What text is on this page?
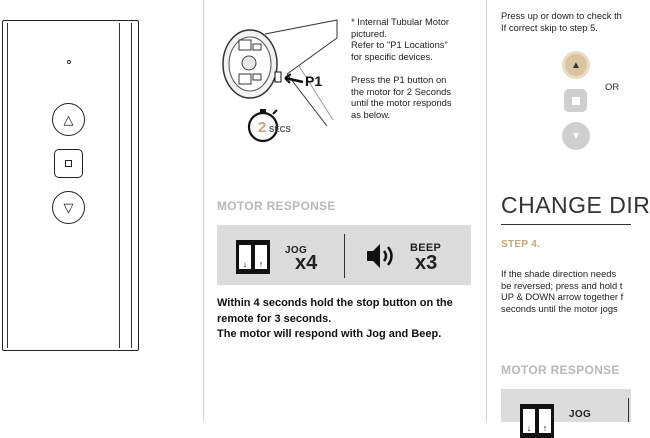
△
▽
P1
2 SECS
* Internal Tubular Motor
pictured.
Refer to "P1 Locations"
for specific devices.
Press the P1 button on
the motor for 2 Seconds
until the motor responds
as below.
MOTOR RESPONSE
↓	↑
JOG
x4
BEEP
x3
Within 4 seconds hold the stop button on the
remote for 3 seconds.
The motor will respond with Jog and Beep.
Press up or down to check th
If correct skip to step 5.
▲
▼
OR
CHANGE DIR
STEP 4.
If the shade direction needs
be reversed; press and hold t
UP & DOWN arrow together f
seconds until the motor jogs
MOTOR RESPONSE
↓	↑
JOG
